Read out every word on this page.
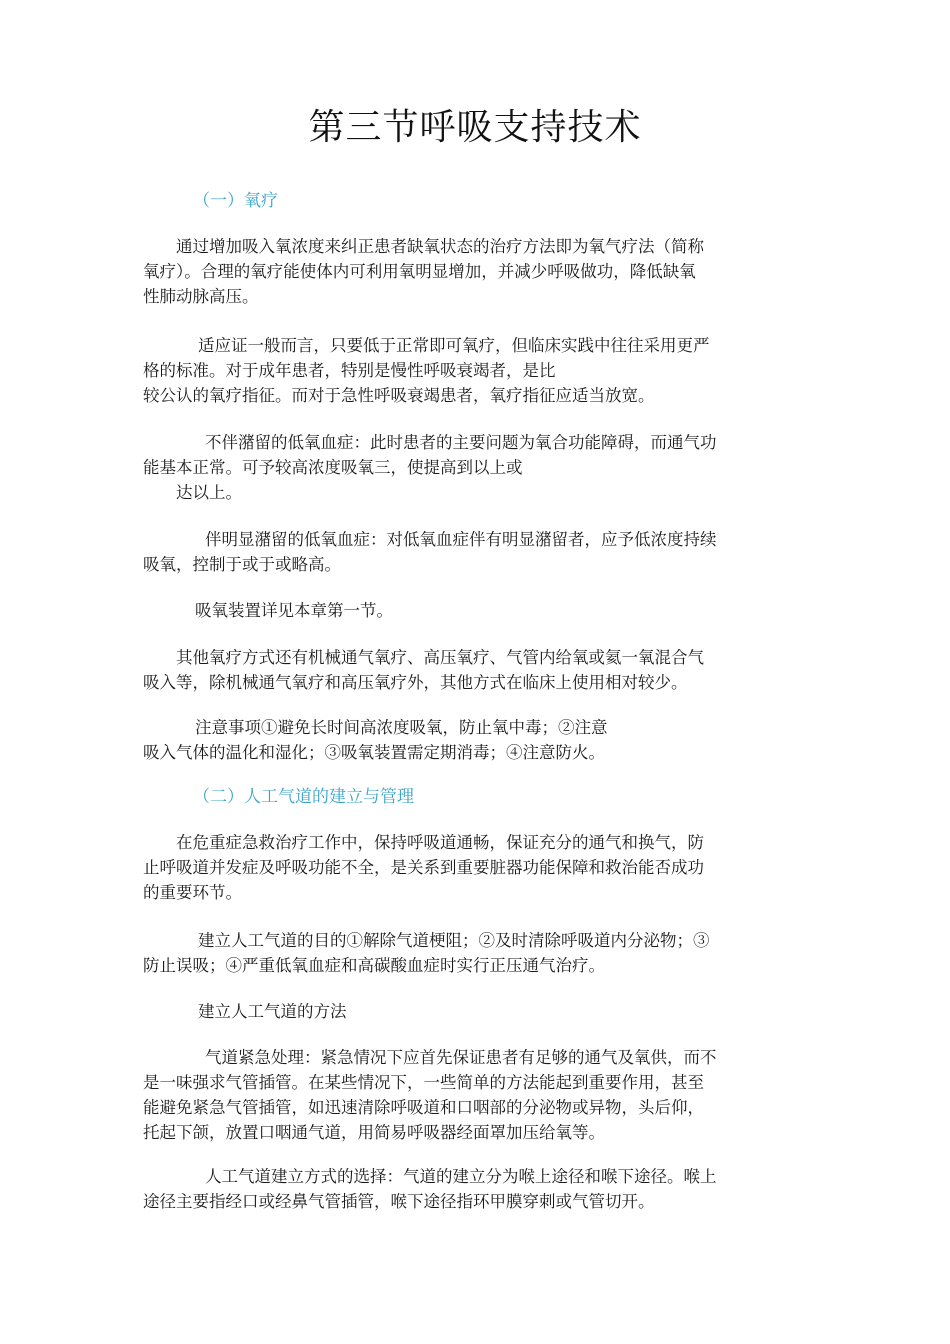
第三节呼吸支持技术
（一）氧疗

通过增加吸入氧浓度来纠正患者缺氧状态的治疗方法即为氧气疗法（简称
氧疗）。合理的氧疗能使体内可利用氧明显增加，并减少呼吸做功，降低缺氧
性肺动脉高压。

适应证一般而言，只要低于正常即可氧疗，但临床实践中往往采用更严
格的标准。对于成年患者，特别是慢性呼吸衰竭者，是比
较公认的氧疗指征。而对于急性呼吸衰竭患者，氧疗指征应适当放宽。

不伴潴留的低氧血症：此时患者的主要问题为氧合功能障碍，而通气功
能基本正常。可予较高浓度吸氧三，使提高到以上或
达以上。

伴明显潴留的低氧血症：对低氧血症伴有明显潴留者，应予低浓度持续
吸氧，控制于或于或略高。

吸氧装置详见本章第一节。

其他氧疗方式还有机械通气氧疗、高压氧疗、气管内给氧或氦一氧混合气
吸入等，除机械通气氧疗和高压氧疗外，其他方式在临床上使用相对较少。

注意事项①避免长时间高浓度吸氧，防止氧中毒；②注意
吸入气体的温化和湿化；③吸氧装置需定期消毒；④注意防火。

（二）人工气道的建立与管理

在危重症急救治疗工作中，保持呼吸道通畅，保证充分的通气和换气，防
止呼吸道并发症及呼吸功能不全，是关系到重要脏器功能保障和救治能否成功
的重要环节。

建立人工气道的目的①解除气道梗阻；②及时清除呼吸道内分泌物；③
防止误吸；④严重低氧血症和高碳酸血症时实行正压通气治疗。

建立人工气道的方法

气道紧急处理：紧急情况下应首先保证患者有足够的通气及氧供，而不
是一味强求气管插管。在某些情况下，一些简单的方法能起到重要作用，甚至
能避免紧急气管插管，如迅速清除呼吸道和口咽部的分泌物或异物，头后仰，
托起下颌，放置口咽通气道，用简易呼吸器经面罩加压给氧等。

人工气道建立方式的选择：气道的建立分为喉上途径和喉下途径。喉上
途径主要指经口或经鼻气管插管，喉下途径指环甲膜穿刺或气管切开。
